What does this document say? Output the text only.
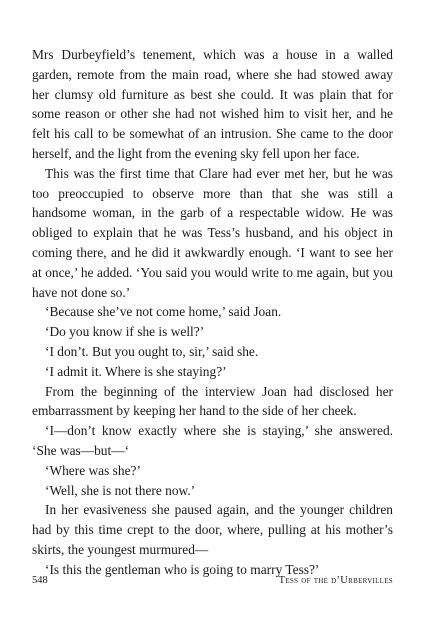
Mrs Durbeyfield’s tenement, which was a house in a walled garden, remote from the main road, where she had stowed away her clumsy old furniture as best she could. It was plain that for some reason or other she had not wished him to visit her, and he felt his call to be somewhat of an intrusion. She came to the door herself, and the light from the evening sky fell upon her face.

This was the first time that Clare had ever met her, but he was too preoccupied to observe more than that she was still a handsome woman, in the garb of a respectable widow. He was obliged to explain that he was Tess’s husband, and his object in coming there, and he did it awkwardly enough. ‘I want to see her at once,’ he added. ‘You said you would write to me again, but you have not done so.’

‘Because she’ve not come home,’ said Joan.

‘Do you know if she is well?’

‘I don’t. But you ought to, sir,’ said she.

‘I admit it. Where is she staying?’

From the beginning of the interview Joan had disclosed her embarrassment by keeping her hand to the side of her cheek.

‘I—don’t know exactly where she is staying,’ she answered. ‘She was—but—‘

‘Where was she?’

‘Well, she is not there now.’

In her evasiveness she paused again, and the younger children had by this time crept to the door, where, pulling at his mother’s skirts, the youngest murmured—

‘Is this the gentleman who is going to marry Tess?’

548	Tess of the d’Urbervilles
